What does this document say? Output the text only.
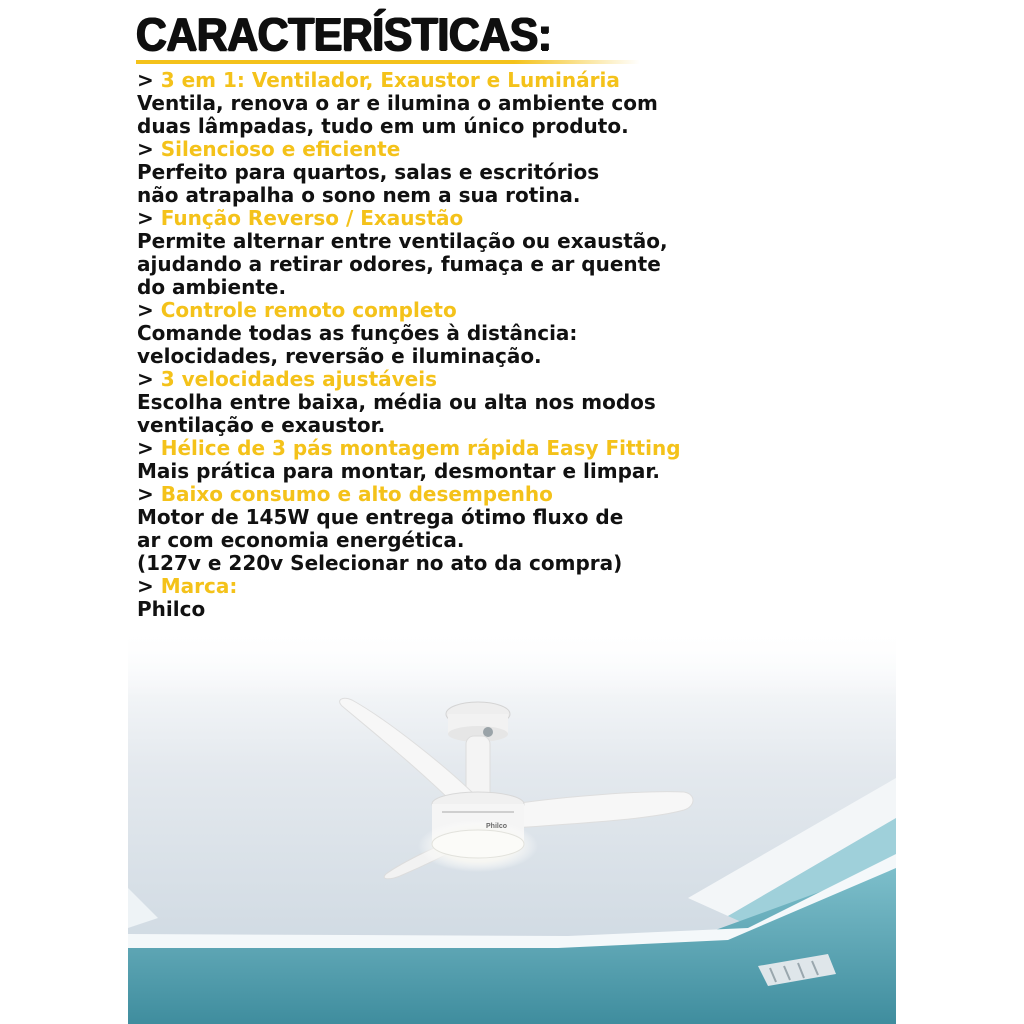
CARACTERÍSTICAS:
> 3 em 1: Ventilador, Exaustor e Luminária
Ventila, renova o ar e ilumina o ambiente com
duas lâmpadas, tudo em um único produto.
> Silencioso e eficiente
Perfeito para quartos, salas e escritórios
não atrapalha o sono nem a sua rotina.
> Função Reverso / Exaustão
Permite alternar entre ventilação ou exaustão,
ajudando a retirar odores, fumaça e ar quente
do ambiente.
> Controle remoto completo
Comande todas as funções à distância:
velocidades, reversão e iluminação.
> 3 velocidades ajustáveis
Escolha entre baixa, média ou alta nos modos
ventilação e exaustor.
> Hélice de 3 pás montagem rápida Easy Fitting
Mais prática para montar, desmontar e limpar.
> Baixo consumo e alto desempenho
Motor de 145W que entrega ótimo fluxo de
ar com economia energética.
(127v e 220v Selecionar no ato da compra)
> Marca:
Philco
Philco
